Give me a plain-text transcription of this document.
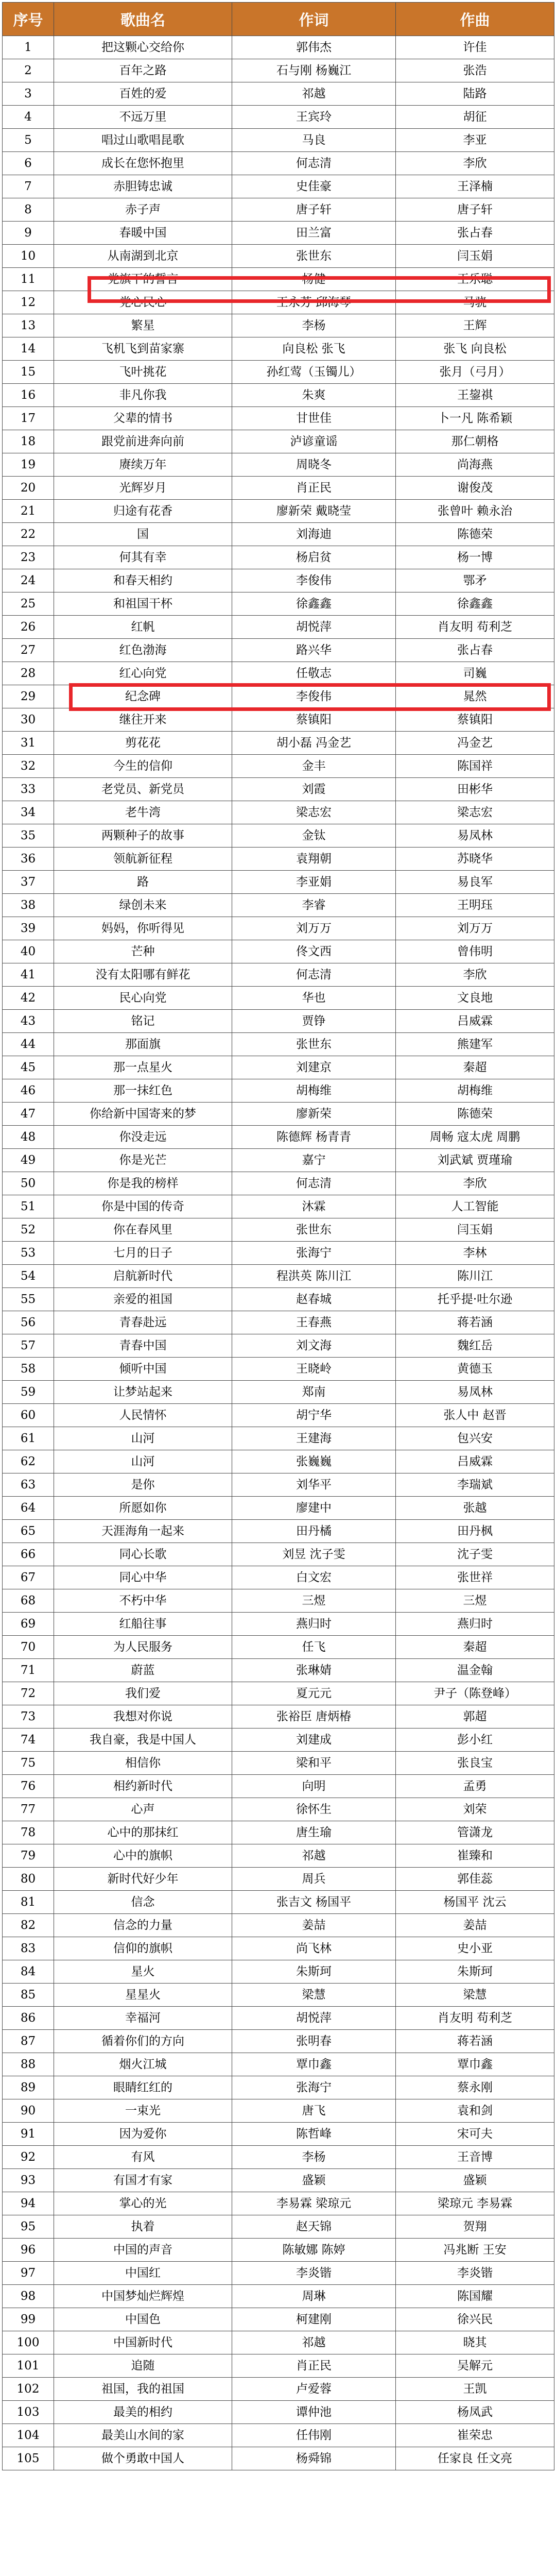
序号	歌曲名	作词	作曲
1	把这颗心交给你	郭伟杰	许佳
2	百年之路	石与刚 杨巍江	张浩
3	百姓的爱	祁越	陆路
4	不远万里	王宾玲	胡征
5	唱过山歌唱昆歌	马良	李亚
6	成长在您怀抱里	何志清	李欣
7	赤胆铸忠诚	史佳豪	王泽楠
8	赤子声	唐子轩	唐子轩
9	春暖中国	田兰富	张占春
10	从南湖到北京	张世东	闫玉娟
11	党旗下的誓言	杨健	王乐聪
12	党心民心	王永芳 邱海琴	马骁
13	繁星	李杨	王辉
14	飞机飞到苗家寨	向良松 张飞	张飞 向良松
15	飞叶挑花	孙红莺（玉镯儿）	张月（弓月）
16	非凡你我	朱爽	王鋆祺
17	父辈的情书	甘世佳	卜一凡 陈希颖
18	跟党前进奔向前	泸谚童谣	那仁朝格
19	赓续万年	周晓冬	尚海燕
20	光辉岁月	肖正民	谢俊茂
21	归途有花香	廖新荣 戴晓莹	张曾叶 赖永治
22	国	刘海迪	陈德荣
23	何其有幸	杨启贫	杨一博
24	和春天相约	李俊伟	鄂矛
25	和祖国干杯	徐鑫鑫	徐鑫鑫
26	红帆	胡悦萍	肖友明 苟利芝
27	红色渤海	路兴华	张占春
28	红心向党	任敬志	司巍
29	纪念碑	李俊伟	晁然
30	继往开来	蔡镇阳	蔡镇阳
31	剪花花	胡小磊 冯金艺	冯金艺
32	今生的信仰	金丰	陈国祥
33	老党员、新党员	刘霞	田彬华
34	老牛湾	梁志宏	梁志宏
35	两颗种子的故事	金钛	易凤林
36	领航新征程	袁翔朝	苏晓华
37	路	李亚娟	易良军
38	绿创未来	李睿	王明珏
39	妈妈，你听得见	刘万万	刘万万
40	芒种	佟文西	曾伟明
41	没有太阳哪有鲜花	何志清	李欣
42	民心向党	华也	文良地
43	铭记	贾铮	吕威霖
44	那面旗	张世东	熊建军
45	那一点星火	刘建京	秦超
46	那一抹红色	胡梅维	胡梅维
47	你给新中国寄来的梦	廖新荣	陈德荣
48	你没走远	陈德辉 杨青青	周畅 寇太虎 周鹏
49	你是光芒	嘉宁	刘武斌 贾瑾瑜
50	你是我的榜样	何志清	李欣
51	你是中国的传奇	沐霖	人工智能
52	你在春风里	张世东	闫玉娟
53	七月的日子	张海宁	李林
54	启航新时代	程洪英 陈川江	陈川江
55	亲爱的祖国	赵春城	托乎提·吐尔逊
56	青春赴远	王春燕	蒋若涵
57	青春中国	刘文海	魏红岳
58	倾听中国	王晓岭	黄德玉
59	让梦站起来	郑南	易凤林
60	人民情怀	胡宁华	张人中 赵晋
61	山河	王建海	包兴安
62	山河	张巍巍	吕威霖
63	是你	刘华平	李瑞斌
64	所愿如你	廖建中	张越
65	天涯海角一起来	田丹橘	田丹枫
66	同心长歌	刘昱 沈子雯	沈子雯
67	同心中华	白文宏	张世祥
68	不朽中华	三煜	三煜
69	红船往事	燕归时	燕归时
70	为人民服务	任飞	秦超
71	蔚蓝	张琳婧	温金翰
72	我们爱	夏元元	尹子（陈登峰）
73	我想对你说	张裕臣 唐炳椿	郭超
74	我自豪，我是中国人	刘建成	彭小红
75	相信你	梁和平	张良宝
76	相约新时代	向明	孟勇
77	心声	徐怀生	刘荣
78	心中的那抹红	唐生瑜	管潇龙
79	心中的旗帜	祁越	崔臻和
80	新时代好少年	周兵	郭佳蕊
81	信念	张吉文 杨国平	杨国平 沈云
82	信念的力量	姜喆	姜喆
83	信仰的旗帜	尚飞林	史小亚
84	星火	朱斯珂	朱斯珂
85	星星火	梁慧	梁慧
86	幸福河	胡悦萍	肖友明 苟利芝
87	循着你们的方向	张明春	蒋若涵
88	烟火江城	覃巾鑫	覃巾鑫
89	眼睛红红的	张海宁	蔡永刚
90	一束光	唐飞	袁和剑
91	因为爱你	陈哲峰	宋可夫
92	有风	李杨	王音博
93	有国才有家	盛颖	盛颖
94	掌心的光	李易霖 梁琼元	梁琼元 李易霖
95	执着	赵天锦	贺翔
96	中国的声音	陈敏娜 陈婷	冯兆断 王安
97	中国红	李炎锴	李炎锴
98	中国梦灿烂辉煌	周琳	陈国耀
99	中国色	柯建刚	徐兴民
100	中国新时代	祁越	晓其
101	追随	肖正民	吴解元
102	祖国，我的祖国	卢爱蓉	王凯
103	最美的相约	谭仲池	杨凤武
104	最美山水间的家	任伟刚	崔荣忠
105	做个勇敢中国人	杨舜锦	任家良 任文亮
